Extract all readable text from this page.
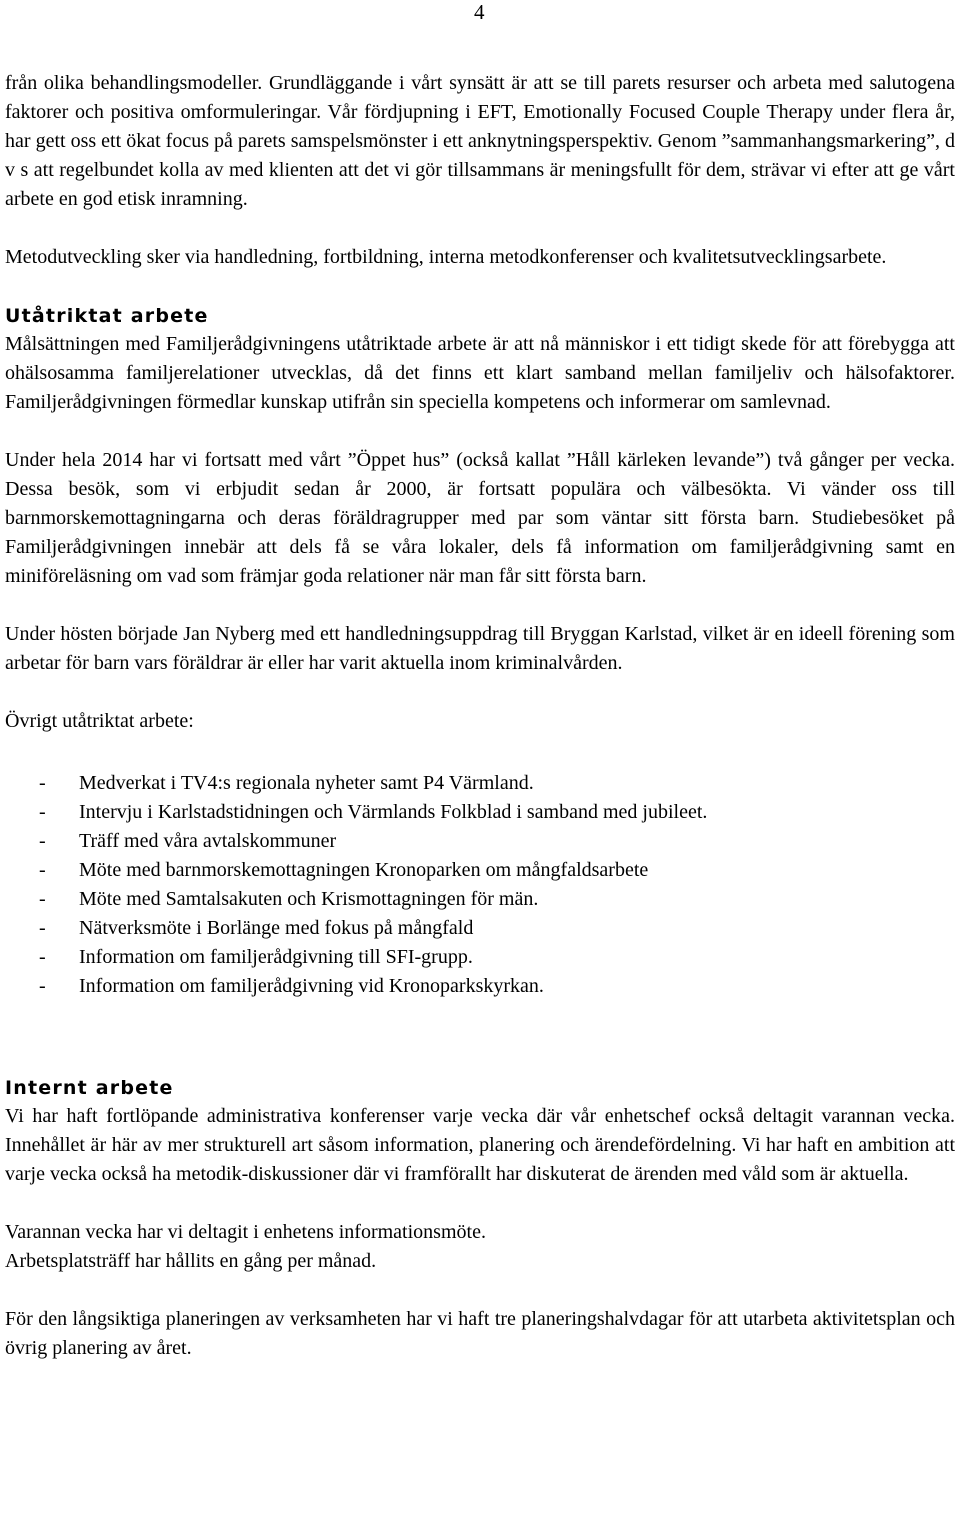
4

från olika behandlingsmodeller. Grundläggande i vårt synsätt är att se till parets resurser och arbeta med salutogena faktorer och positiva omformuleringar. Vår fördjupning i EFT, Emotionally Focused Couple Therapy under flera år, har gett oss ett ökat focus på parets samspelsmönster i ett anknytningsperspektiv. Genom ”sammanhangsmarkering”, d v s att regelbundet kolla av med klienten att det vi gör tillsammans är meningsfullt för dem, strävar vi efter att ge vårt arbete en god etisk inramning.

Metodutveckling sker via handledning, fortbildning, interna metodkonferenser och kvalitetsutvecklingsarbete.

Utåtriktat arbete

Målsättningen med Familjerådgivningens utåtriktade arbete är att nå människor i ett tidigt skede för att förebygga att ohälsosamma familjerelationer utvecklas, då det finns ett klart samband mellan familjeliv och hälsofaktorer. Familjerådgivningen förmedlar kunskap utifrån sin speciella kompetens och informerar om samlevnad.

Under hela 2014 har vi fortsatt med vårt ”Öppet hus” (också kallat ”Håll kärleken levande”) två gånger per vecka. Dessa besök, som vi erbjudit sedan år 2000, är fortsatt populära och välbesökta. Vi vänder oss till barnmorskemottagningarna och deras föräldragrupper med par som väntar sitt första barn. Studiebesöket på Familjerådgivningen innebär att dels få se våra lokaler, dels få information om familjerådgivning samt en miniföreläsning om vad som främjar goda relationer när man får sitt första barn.

Under hösten började Jan Nyberg med ett handledningsuppdrag till Bryggan Karlstad, vilket är en ideell förening som arbetar för barn vars föräldrar är eller har varit aktuella inom kriminalvården.

Övrigt utåtriktat arbete:

- Medverkat i TV4:s regionala nyheter samt P4 Värmland.
- Intervju i Karlstadstidningen och Värmlands Folkblad i samband med jubileet.
- Träff med våra avtalskommuner
- Möte med barnmorskemottagningen Kronoparken om mångfaldsarbete
- Möte med Samtalsakuten och Krismottagningen för män.
- Nätverksmöte i Borlänge med fokus på mångfald
- Information om familjerådgivning till SFI-grupp.
- Information om familjerådgivning vid Kronoparkskyrkan.
Internt arbete

Vi har haft fortlöpande administrativa konferenser varje vecka där vår enhetschef också deltagit varannan vecka. Innehållet är här av mer strukturell art såsom information, planering och ärendefördelning. Vi har haft en ambition att varje vecka också ha metodik-diskussioner där vi framförallt har diskuterat de ärenden med våld som är aktuella.

Varannan vecka har vi deltagit i enhetens informationsmöte.

Arbetsplatsträff har hållits en gång per månad.

För den långsiktiga planeringen av verksamheten har vi haft tre planeringshalvdagar för att utarbeta aktivitetsplan och övrig planering av året.
